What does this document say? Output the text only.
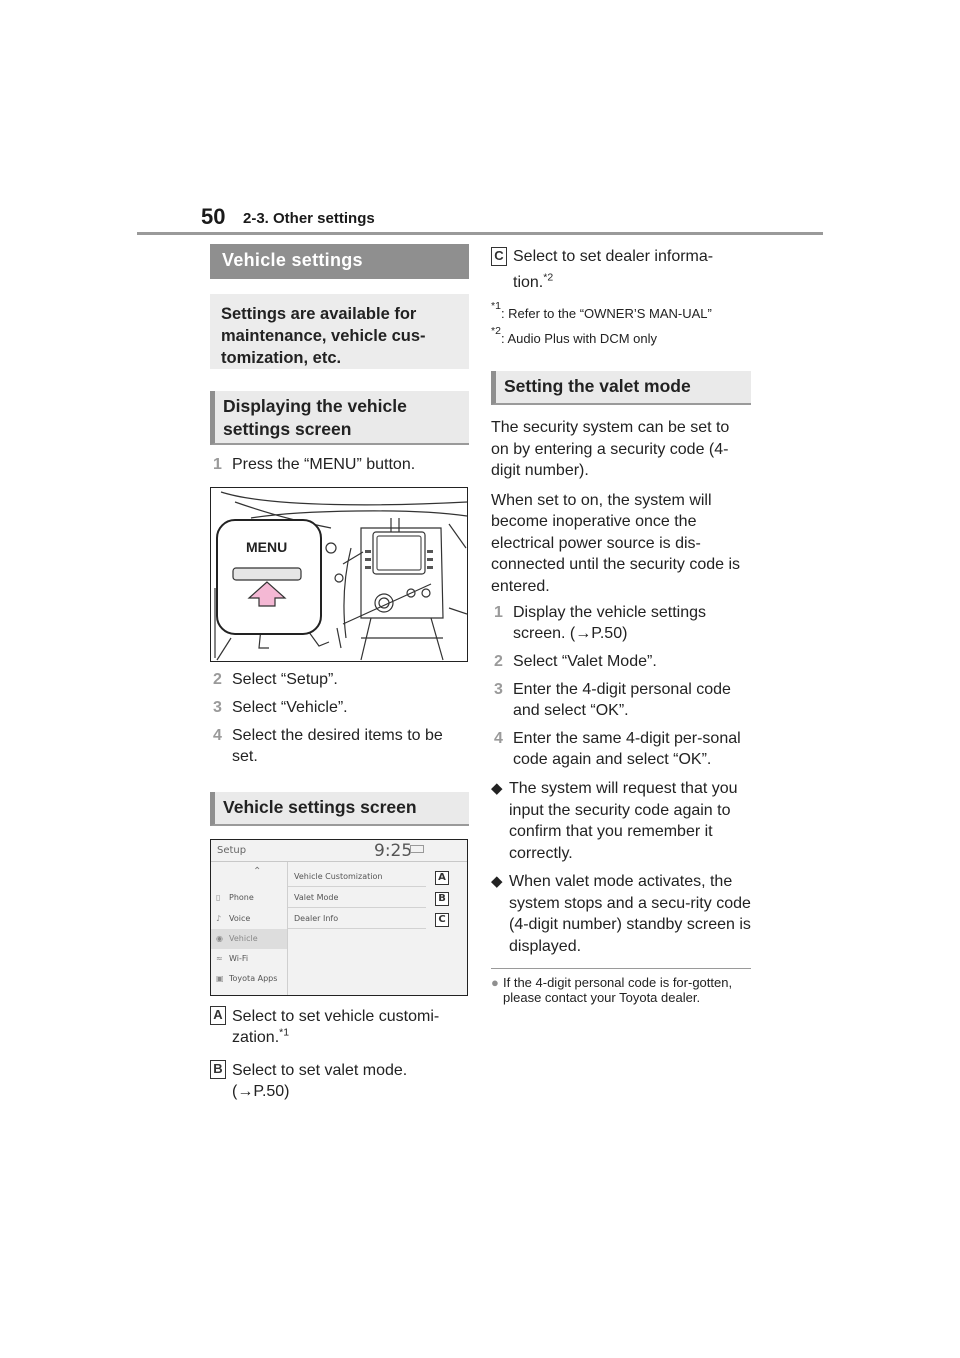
50 2-3. Other settings
Vehicle settings
Settings are available for maintenance, vehicle cus-tomization, etc.
Displaying the vehicle settings screen
1 Press the “MENU” button.
MENU
2 Select “Setup”.
3 Select “Vehicle”.
4 Select the desired items to be set.
Vehicle settings screen
Setup	9:25
⌃
▯ Phone
♪ Voice
◉ Vehicle
≈ Wi-Fi
▣ Toyota Apps
Vehicle Customization
Valet Mode
Dealer Info
A
B
C
A Select to set vehicle customi-zation.$^{*1}$
B Select to set valet mode.
(→P.50)
C Select to set dealer informa-tion.$^{*2}$
*1 : Refer to the “OWNER’S MAN-UAL”
*2 : Audio Plus with DCM only
Setting the valet mode
The security system can be set to on by entering a security code (4-digit number).
When set to on, the system will become inoperative once the electrical power source is dis-connected until the security code is entered.
1 Display the vehicle settings screen. (→P.50)
2 Select “Valet Mode”.
3 Enter the 4-digit personal code and select “OK”.
4 Enter the same 4-digit per-sonal code again and select “OK”.
◆ The system will request that you input the security code again to confirm that you remember it correctly.
◆ When valet mode activates, the system stops and a secu-rity code (4-digit number) standby screen is displayed.
● If the 4-digit personal code is for-gotten, please contact your Toyota dealer.
